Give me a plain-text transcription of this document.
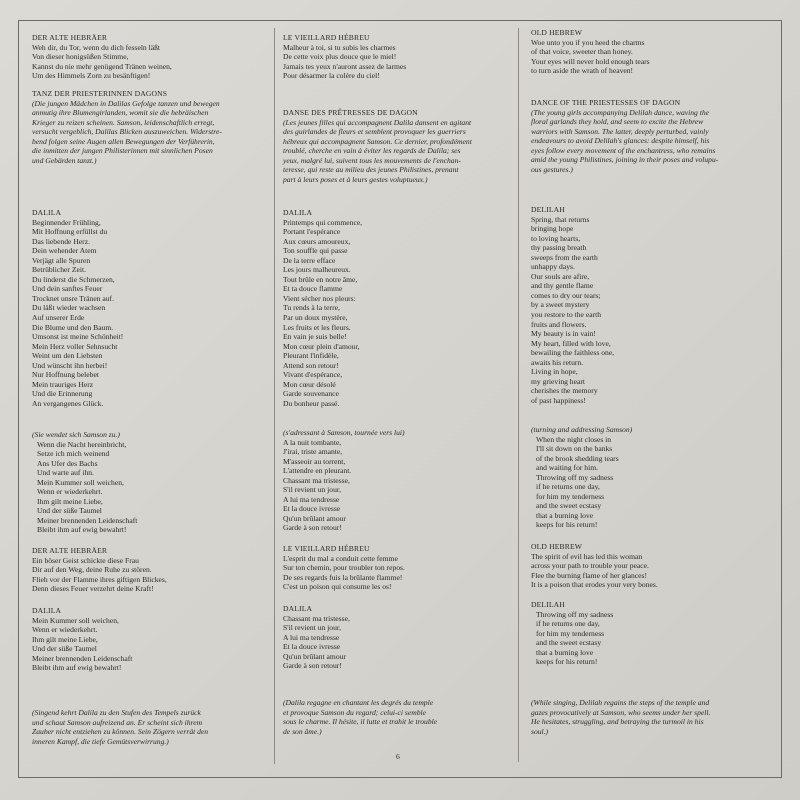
DER ALTE HEBRÄER
Weh dir, du Tor, wenn du dich fesseln läßt
Von dieser honigsüßen Stimme,
Kannst du nie mehr genügend Tränen weinen,
Um des Himmels Zorn zu besänftigen!
TANZ DER PRIESTERINNEN DAGONS
(Die jungen Mädchen in Dalilas Gefolge tanzen und bewegen
anmutig ihre Blumengirlanden, womit sie die hebräischen
Krieger zu reizen scheinen. Samson, leidenschaftlich erregt,
versucht vergeblich, Dalilas Blicken auszuweichen. Widerstre-
bend folgen seine Augen allen Bewegungen der Verführerin,
die inmitten der jungen Philisterinnen mit sinnlichen Posen
und Gebärden tanzt.)
DALILA
Beginnender Frühling,
Mit Hoffnung erfüllst du
Das liebende Herz.
Dein wehender Atem
Verjägt alle Spuren
Betrüblicher Zeit.
Du linderst die Schmerzen,
Und dein sanftes Feuer
Trocknet unsre Tränen auf.
Du läßt wieder wachsen
Auf unserer Erde
Die Blume und den Baum.
Umsonst ist meine Schönheit!
Mein Herz voller Sehnsucht
Weint um den Liebsten
Und wünscht ihn herbei!
Nur Hoffnung belebet
Mein trauriges Herz
Und die Erinnerung
An vergangenes Glück.
(Sie wendet sich Samson zu.)
Wenn die Nacht hereinbricht,
Setze ich mich weinend
Ans Ufer des Bachs
Und warte auf ihn.
Mein Kummer soll weichen,
Wenn er wiederkehrt.
Ihm gilt meine Liebe,
Und der süße Taumel
Meiner brennenden Leidenschaft
Bleibt ihm auf ewig bewahrt!
DER ALTE HEBRÄER
Ein böser Geist schickte diese Frau
Dir auf den Weg, deine Ruhe zu stören.
Flieh vor der Flamme ihres giftigen Blickes,
Denn dieses Feuer verzehrt deine Kraft!
DALILA
Mein Kummer soll weichen,
Wenn er wiederkehrt.
Ihm gilt meine Liebe,
Und der süße Taumel
Meiner brennenden Leidenschaft
Bleibt ihm auf ewig bewahrt!
(Singend kehrt Dalila zu den Stufen des Tempels zurück
und schaut Samson aufreizend an. Er scheint sich ihrem
Zauber nicht entziehen zu können. Sein Zögern verrät den
inneren Kampf, die tiefe Gemütsverwirrung.)
LE VIEILLARD HÉBREU
Malheur à toi, si tu subis les charmes
De cette voix plus douce que le miel!
Jamais tes yeux n'auront assez de larmes
Pour désarmer la colère du ciel!
DANSE DES PRÊTRESSES DE DAGON
(Les jeunes filles qui accompagnent Dalila dansent en agitant
des guirlandes de fleurs et semblent provoquer les guerriers
hébreux qui accompagnent Samson. Ce dernier, profondément
troublé, cherche en vain à éviter les regards de Dalila; ses
yeux, malgré lui, suivent tous les mouvements de l'enchan-
teresse, qui reste au milieu des jeunes Philistines, prenant
part à leurs poses et à leurs gestes voluptueux.)
DALILA
Printemps qui commence,
Portant l'espérance
Aux cœurs amoureux,
Ton souffle qui passe
De la terre efface
Les jours malheureux.
Tout brûle en notre âme,
Et ta douce flamme
Vient sécher nos pleurs:
Tu rends à la terre,
Par un doux mystère,
Les fruits et les fleurs.
En vain je suis belle!
Mon cœur plein d'amour,
Pleurant l'infidèle,
Attend son retour!
Vivant d'espérance,
Mon cœur désolé
Garde souvenance
Du bonheur passé.
(s'adressant à Samson, tournée vers lui)
A la nuit tombante,
J'irai, triste amante,
M'asseoir au torrent,
L'attendre en pleurant.
Chassant ma tristesse,
S'il revient un jour,
A lui ma tendresse
Et la douce ivresse
Qu'un brûlant amour
Garde à son retour!
LE VIEILLARD HÉBREU
L'esprit du mal a conduit cette femme
Sur ton chemin, pour troubler ton repos.
De ses regards fuis la brûlante flamme!
C'est un poison qui consume les os!
DALILA
Chassant ma tristesse,
S'il revient un jour,
A lui ma tendresse
Et la douce ivresse
Qu'un brûlant amour
Garde à son retour!
(Dalila regagne en chantant les degrés du temple
et provoque Samson du regard; celui-ci semble
sous le charme. Il hésite, il lutte et trahit le trouble
de son âme.)
OLD HEBREW
Woe unto you if you heed the charms
of that voice, sweeter than honey.
Your eyes will never hold enough tears
to turn aside the wrath of heaven!
DANCE OF THE PRIESTESSES OF DAGON
(The young girls accompanying Delilah dance, waving the
floral garlands they hold, and seem to excite the Hebrew
warriors with Samson. The latter, deeply perturbed, vainly
endeavours to avoid Delilah's glances: despite himself, his
eyes follow every movement of the enchantress, who remains
amid the young Philistines, joining in their poses and volupu-
ous gestures.)
DELILAH
Spring, that returns
bringing hope
to loving hearts,
thy passing breath
sweeps from the earth
unhappy days.
Our souls are afire,
and thy gentle flame
comes to dry our tears;
by a sweet mystery
you restore to the earth
fruits and flowers.
My beauty is in vain!
My heart, filled with love,
bewailing the faithless one,
awaits his return.
Living in hope,
my grieving heart
cherishes the memory
of past happiness!
(turning and addressing Samson)
When the night closes in
I'll sit down on the banks
of the brook shedding tears
and waiting for him.
Throwing off my sadness
if he returns one day,
for him my tenderness
and the sweet ecstasy
that a burning love
keeps for his return!
OLD HEBREW
The spirit of evil has led this woman
across your path to trouble your peace.
Flee the burning flame of her glances!
It is a poison that erodes your very bones.
DELILAH
Throwing off my sadness
if he returns one day,
for him my tenderness
and the sweet ecstasy
that a burning love
keeps for his return!
(While singing, Delilah regains the steps of the temple and
gazes provocatively at Samson, who seems under her spell.
He hesitates, struggling, and betraying the turmoil in his
soul.)
6
